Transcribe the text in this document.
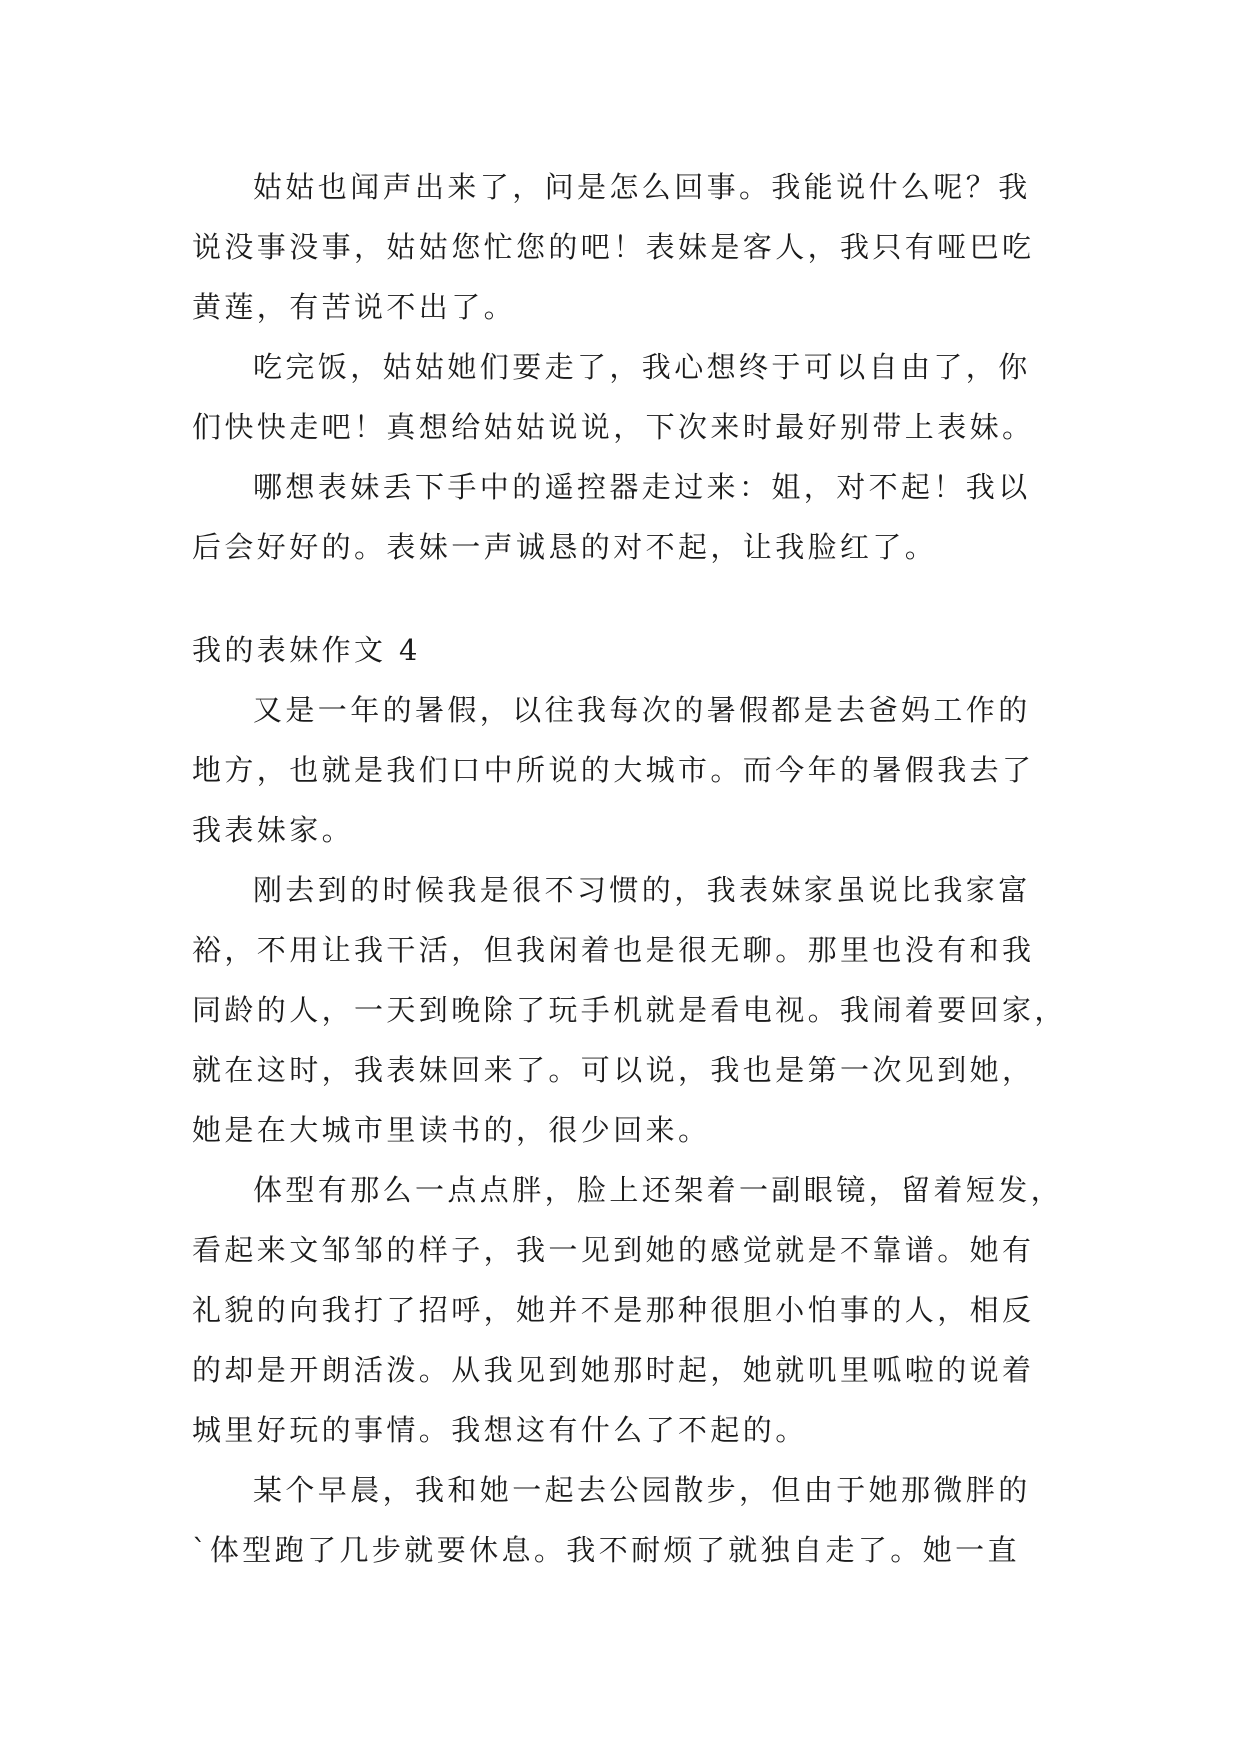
姑姑也闻声出来了，问是怎么回事。我能说什么呢？我
说没事没事，姑姑您忙您的吧！表妹是客人，我只有哑巴吃
黄莲，有苦说不出了。
吃完饭，姑姑她们要走了，我心想终于可以自由了，你
们快快走吧！真想给姑姑说说，下次来时最好别带上表妹。
哪想表妹丢下手中的遥控器走过来：姐，对不起！我以
后会好好的。表妹一声诚恳的对不起，让我脸红了。
我的表妹作文 4
又是一年的暑假，以往我每次的暑假都是去爸妈工作的
地方，也就是我们口中所说的大城市。而今年的暑假我去了
我表妹家。
刚去到的时候我是很不习惯的，我表妹家虽说比我家富
裕，不用让我干活，但我闲着也是很无聊。那里也没有和我
同龄的人，一天到晚除了玩手机就是看电视。我闹着要回家，
就在这时，我表妹回来了。可以说，我也是第一次见到她，
她是在大城市里读书的，很少回来。
体型有那么一点点胖，脸上还架着一副眼镜，留着短发，
看起来文邹邹的样子，我一见到她的感觉就是不靠谱。她有
礼貌的向我打了招呼，她并不是那种很胆小怕事的人，相反
的却是开朗活泼。从我见到她那时起，她就叽里呱啦的说着
城里好玩的事情。我想这有什么了不起的。
某个早晨，我和她一起去公园散步，但由于她那微胖的
`体型跑了几步就要休息。我不耐烦了就独自走了。她一直
